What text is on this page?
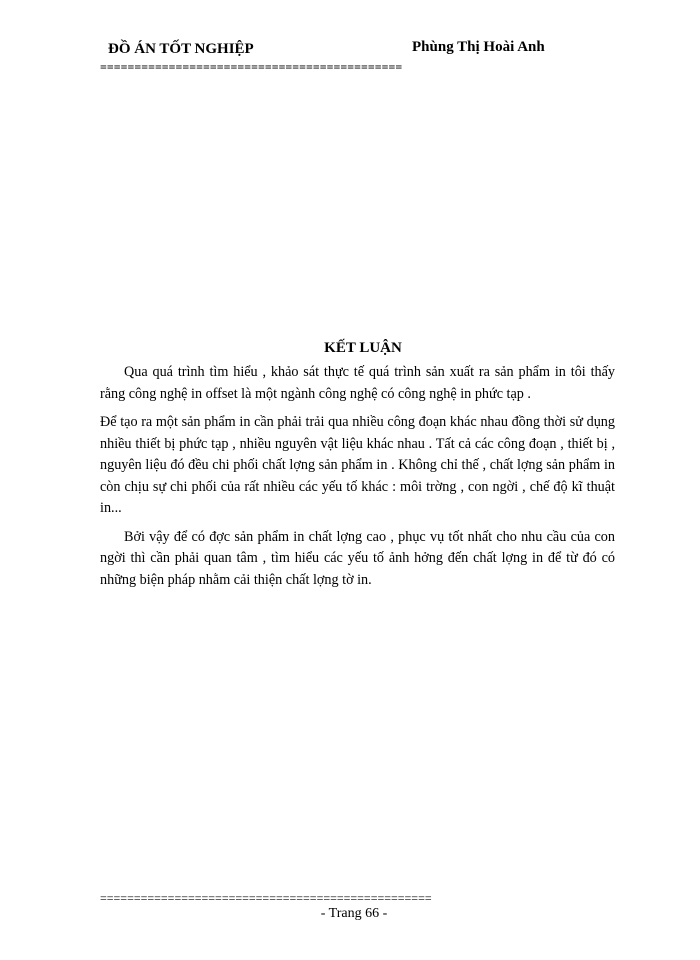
ĐỒ ÁN TỐT NGHIỆP	Phùng Thị Hoài Anh
============================================
KẾT LUẬN

Qua quá trình tìm hiểu , khảo sát thực tế quá trình sản xuất ra sản phẩm in tôi thấy rằng công nghệ in offset là một ngành công nghệ có công nghệ in phức tạp .

Để tạo ra một sản phẩm in cần phải trải qua nhiều công đoạn khác nhau đồng thời sử dụng nhiều thiết bị phức tạp , nhiều nguyên vật liệu khác nhau . Tất cả các công đoạn , thiết bị , nguyên liệu đó đều chi phối chất lợng sản phẩm in . Không chỉ thế , chất lợng sản phẩm in còn chịu sự chi phối của rất nhiều các yếu tố khác : môi trờng , con ngời , chế độ kĩ thuật in...

Bởi vậy để có đợc sản phẩm in chất lợng cao , phục vụ tốt nhất cho nhu cầu của con ngời thì cần phải quan tâm , tìm hiểu các yếu tố ảnh hởng đến chất lợng in để từ đó có những biện pháp nhằm cải thiện chất lợng tờ in.

=================================================
- Trang 66 -
